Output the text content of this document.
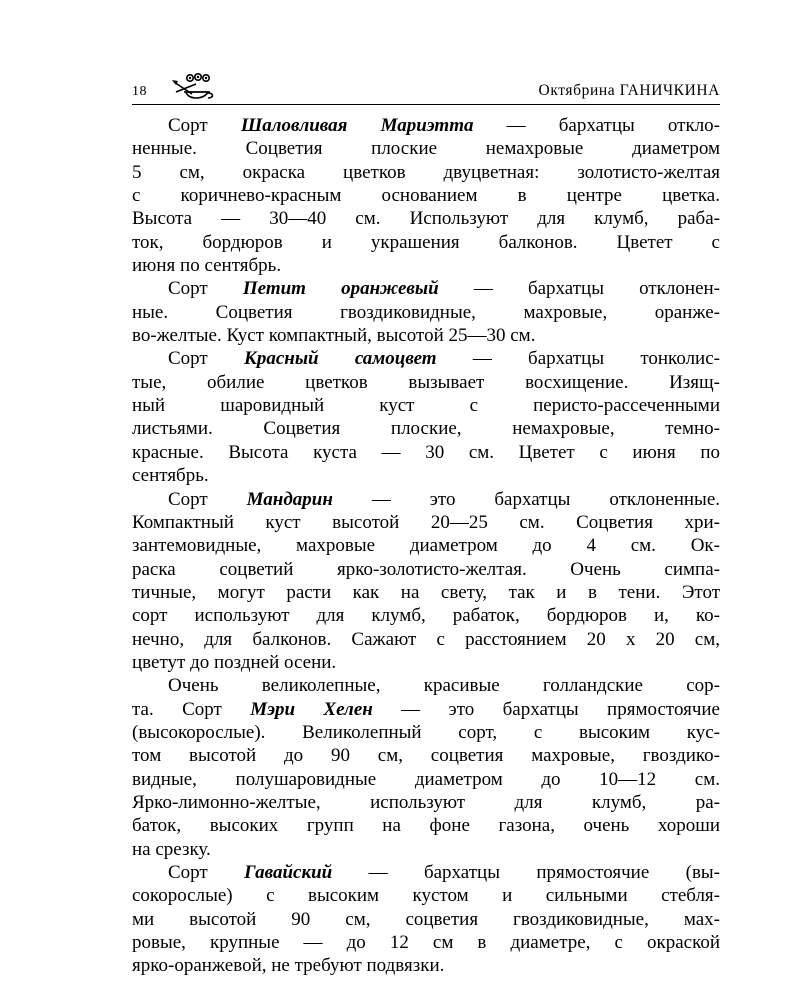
18	Октябрина ГАНИЧКИНА
Сорт Шаловливая Мариэтта — бархатцы отклo-
ненные. Соцветия плоские немахровые диаметром
5 см, окраска цветков двуцветная: золотисто-желтая
с коричнево-красным основанием в центре цветка.
Высота — 30—40 см. Используют для клумб, раба-
ток, бордюров и украшения балконов. Цветет с
июня по сентябрь.
Сорт Петит оранжевый — бархатцы отклонен-
ные. Соцветия гвоздиковидные, махровые, оранже-
во-желтые. Куст компактный, высотой 25—30 см.
Сорт Красный самоцвет — бархатцы тонколис-
тые, обилие цветков вызывает восхищение. Изящ-
ный шаровидный куст с перисто-рассеченными
листьями. Соцветия плоские, немахровые, темно-
красные. Высота куста — 30 см. Цветет с июня по
сентябрь.
Сорт Мандарин — это бархатцы отклоненные.
Компактный куст высотой 20—25 см. Соцветия хри-
зантемовидные, махровые диаметром до 4 см. Ок-
раска соцветий ярко-золотисто-желтая. Очень симпа-
тичные, могут расти как на свету, так и в тени. Этот
сорт используют для клумб, рабаток, бордюров и, ко-
нечно, для балконов. Сажают с расстоянием 20 х 20 см,
цветут до поздней осени.
Очень великолепные, красивые голландские сор-
та. Сорт Мэри Хелен — это бархатцы прямостоячие
(высокорослые). Великолепный сорт, с высоким кус-
том высотой до 90 см, соцветия махровые, гвоздико-
видные, полушаровидные диаметром до 10—12 см.
Ярко-лимонно-желтые, используют для клумб, ра-
баток, высоких групп на фоне газона, очень хороши
на срезку.
Сорт Гавайский — бархатцы прямостоячие (вы-
сокорослые) с высоким кустом и сильными стебля-
ми высотой 90 см, соцветия гвоздиковидные, мах-
ровые, крупные — до 12 см в диаметре, с окраской
ярко-оранжевой, не требуют подвязки.
